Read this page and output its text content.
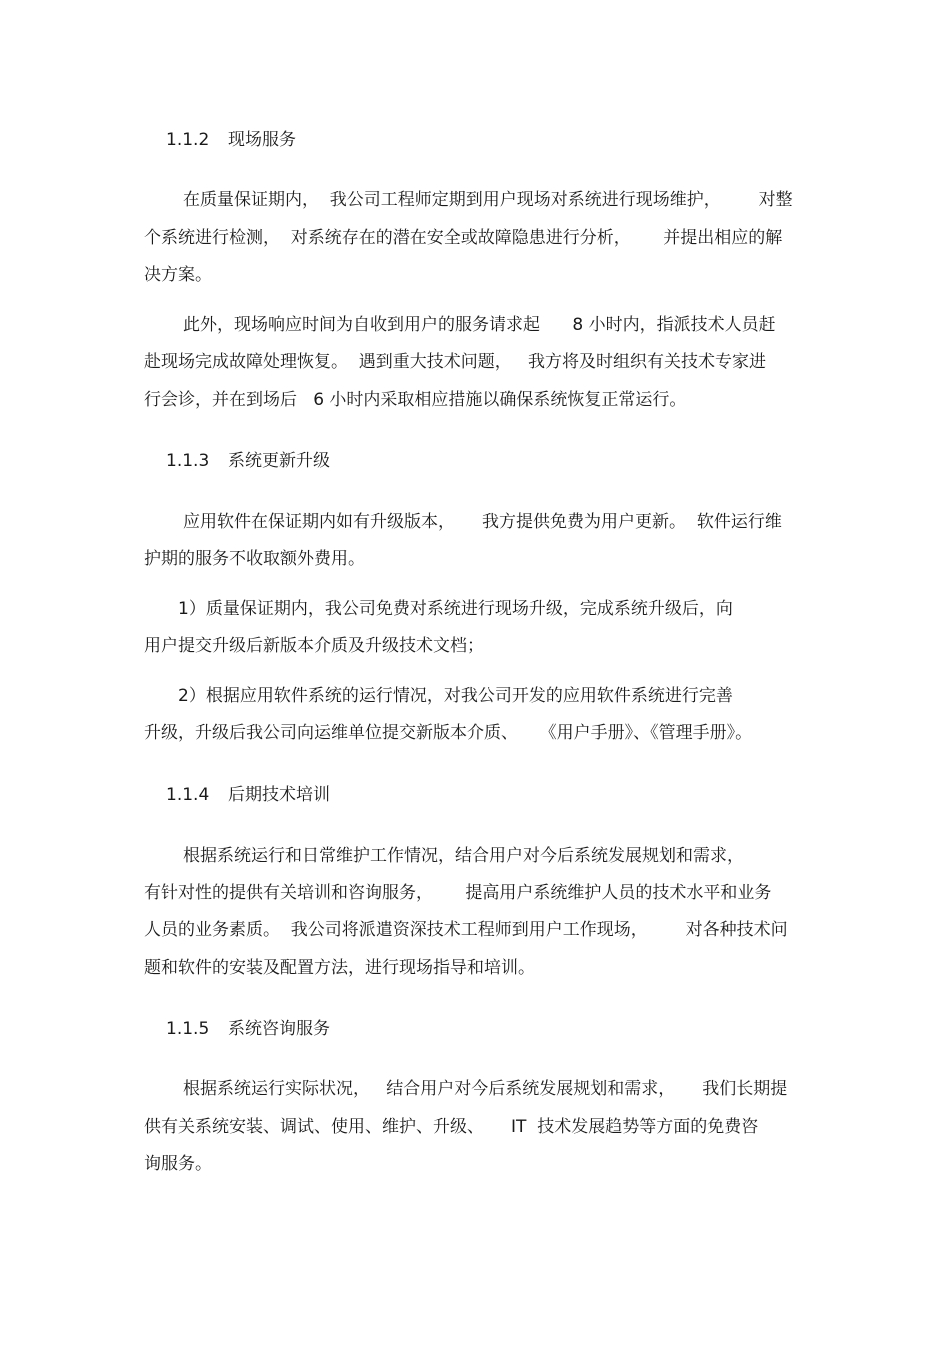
1.1.2 现场服务
在质量保证期内，  我公司工程师定期到用户现场对系统进行现场维护，       对整
个系统进行检测，  对系统存在的潜在安全或故障隐患进行分析，      并提出相应的解
决方案。
此外，现场响应时间为自收到用户的服务请求起      8 小时内，指派技术人员赶
赴现场完成故障处理恢复。  遇到重大技术问题，   我方将及时组织有关技术专家进
行会诊，并在到场后   6 小时内采取相应措施以确保系统恢复正常运行。
1.1.3 系统更新升级
应用软件在保证期内如有升级版本，     我方提供免费为用户更新。  软件运行维
护期的服务不收取额外费用。
1）质量保证期内，我公司免费对系统进行现场升级，完成系统升级后，向
用户提交升级后新版本介质及升级技术文档；
2）根据应用软件系统的运行情况，对我公司开发的应用软件系统进行完善
升级，升级后我公司向运维单位提交新版本介质、    《用户手册》、《管理手册》。
1.1.4 后期技术培训
根据系统运行和日常维护工作情况，结合用户对今后系统发展规划和需求，
有针对性的提供有关培训和咨询服务，      提高用户系统维护人员的技术水平和业务
人员的业务素质。  我公司将派遣资深技术工程师到用户工作现场，       对各种技术问
题和软件的安装及配置方法，进行现场指导和培训。
1.1.5 系统咨询服务
根据系统运行实际状况，   结合用户对今后系统发展规划和需求，     我们长期提
供有关系统安装、调试、使用、维护、升级、     IT  技术发展趋势等方面的免费咨
询服务。
